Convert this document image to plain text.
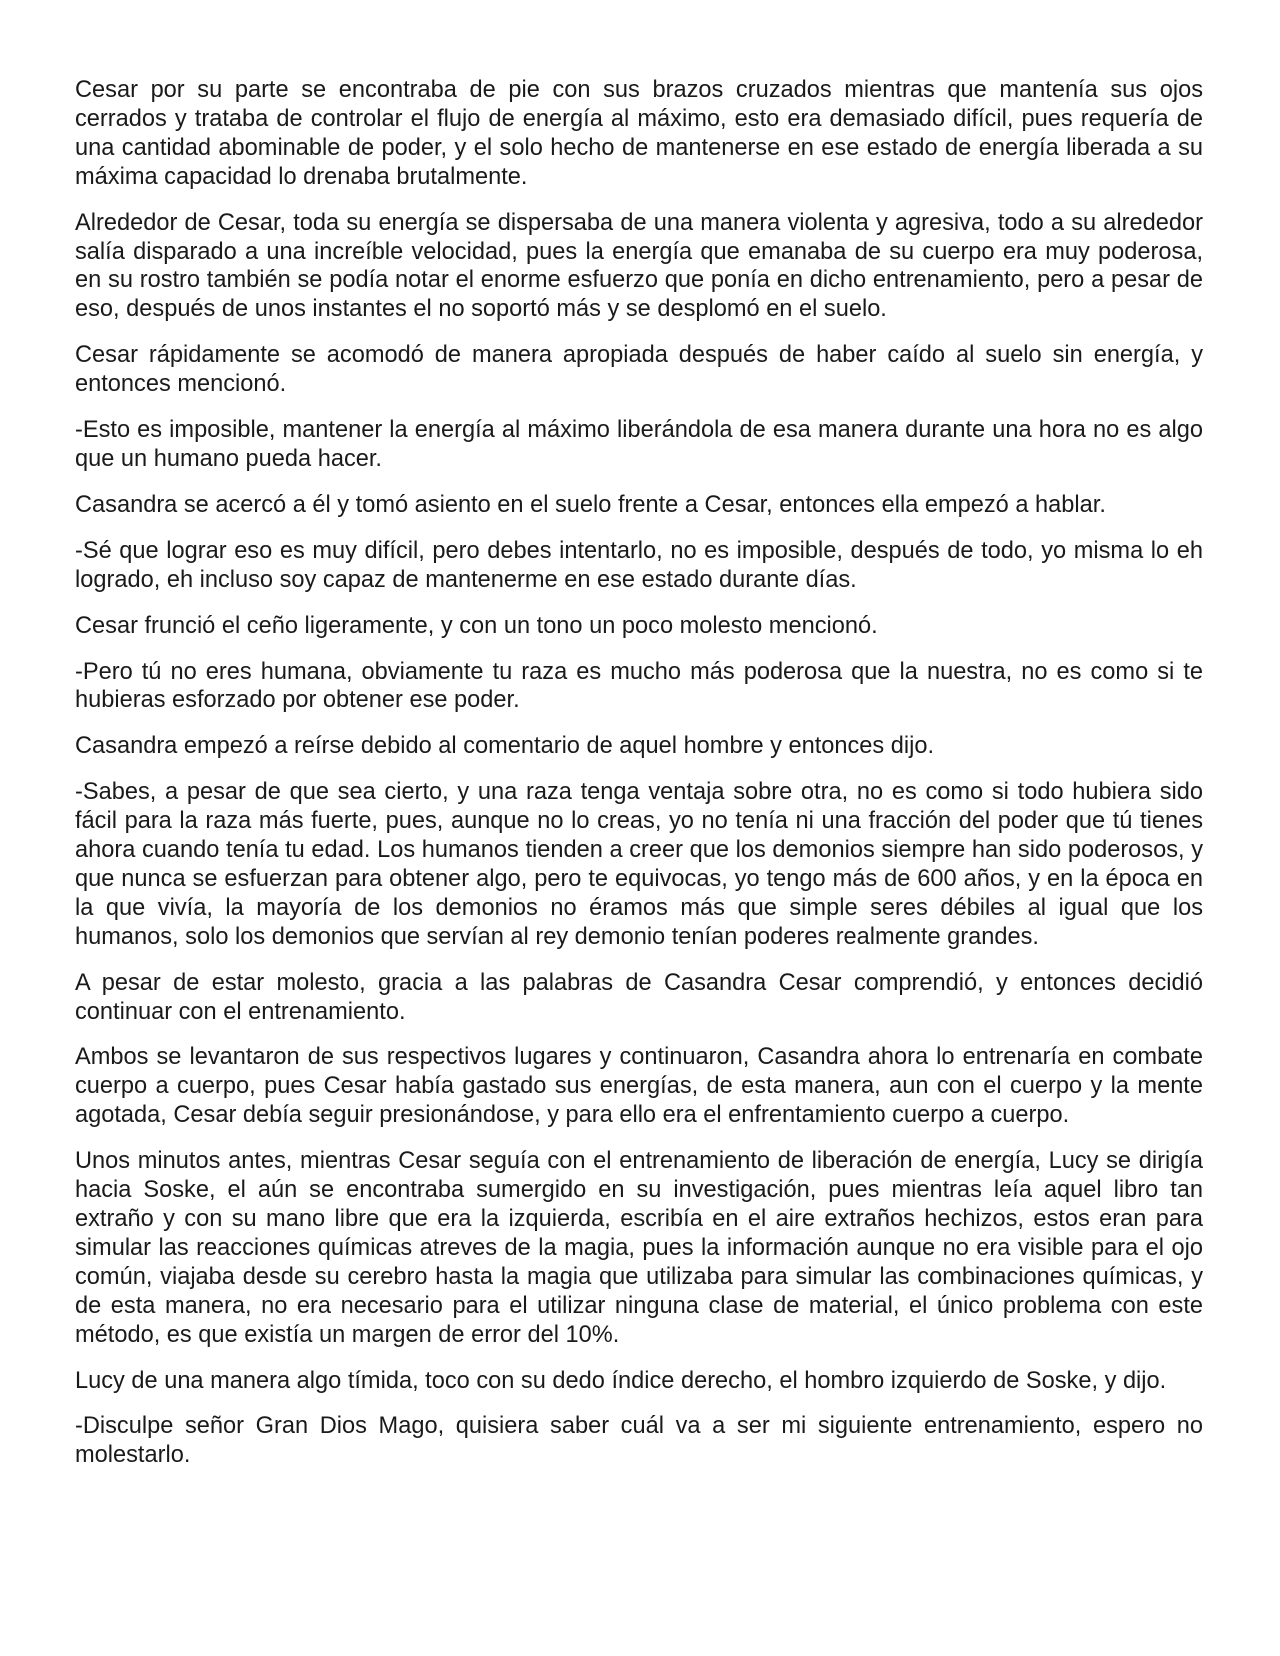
Cesar por su parte se encontraba de pie con sus brazos cruzados mientras que mantenía sus ojos cerrados y trataba de controlar el flujo de energía al máximo, esto era demasiado difícil, pues requería de una cantidad abominable de poder, y el solo hecho de mantenerse en ese estado de energía liberada a su máxima capacidad lo drenaba brutalmente.

Alrededor de Cesar, toda su energía se dispersaba de una manera violenta y agresiva, todo a su alrededor salía disparado a una increíble velocidad, pues la energía que emanaba de su cuerpo era muy poderosa, en su rostro también se podía notar el enorme esfuerzo que ponía en dicho entrenamiento, pero a pesar de eso, después de unos instantes el no soportó más y se desplomó en el suelo.

Cesar rápidamente se acomodó de manera apropiada después de haber caído al suelo sin energía, y entonces mencionó.

-Esto es imposible, mantener la energía al máximo liberándola de esa manera durante una hora no es algo que un humano pueda hacer.

Casandra se acercó a él y tomó asiento en el suelo frente a Cesar, entonces ella empezó a hablar.

-Sé que lograr eso es muy difícil, pero debes intentarlo, no es imposible, después de todo, yo misma lo eh logrado, eh incluso soy capaz de mantenerme en ese estado durante días.

Cesar frunció el ceño ligeramente, y con un tono un poco molesto mencionó.

-Pero tú no eres humana, obviamente tu raza es mucho más poderosa que la nuestra, no es como si te hubieras esforzado por obtener ese poder.

Casandra empezó a reírse debido al comentario de aquel hombre y entonces dijo.

-Sabes, a pesar de que sea cierto, y una raza tenga ventaja sobre otra, no es como si todo hubiera sido fácil para la raza más fuerte, pues, aunque no lo creas, yo no tenía ni una fracción del poder que tú tienes ahora cuando tenía tu edad. Los humanos tienden a creer que los demonios siempre han sido poderosos, y que nunca se esfuerzan para obtener algo, pero te equivocas, yo tengo más de 600 años, y en la época en la que vivía, la mayoría de los demonios no éramos más que simple seres débiles al igual que los humanos, solo los demonios que servían al rey demonio tenían poderes realmente grandes.

A pesar de estar molesto, gracia a las palabras de Casandra Cesar comprendió, y entonces decidió continuar con el entrenamiento.

Ambos se levantaron de sus respectivos lugares y continuaron, Casandra ahora lo entrenaría en combate cuerpo a cuerpo, pues Cesar había gastado sus energías, de esta manera, aun con el cuerpo y la mente agotada, Cesar debía seguir presionándose, y para ello era el enfrentamiento cuerpo a cuerpo.

Unos minutos antes, mientras Cesar seguía con el entrenamiento de liberación de energía, Lucy se dirigía hacia Soske, el aún se encontraba sumergido en su investigación, pues mientras leía aquel libro tan extraño y con su mano libre que era la izquierda, escribía en el aire extraños hechizos, estos eran para simular las reacciones químicas atreves de la magia, pues la información aunque no era visible para el ojo común, viajaba desde su cerebro hasta la magia que utilizaba para simular las combinaciones químicas, y de esta manera, no era necesario para el utilizar ninguna clase de material, el único problema con este método, es que existía un margen de error del 10%.

Lucy de una manera algo tímida, toco con su dedo índice derecho, el hombro izquierdo de Soske, y dijo.

-Disculpe señor Gran Dios Mago, quisiera saber cuál va a ser mi siguiente entrenamiento, espero no molestarlo.
